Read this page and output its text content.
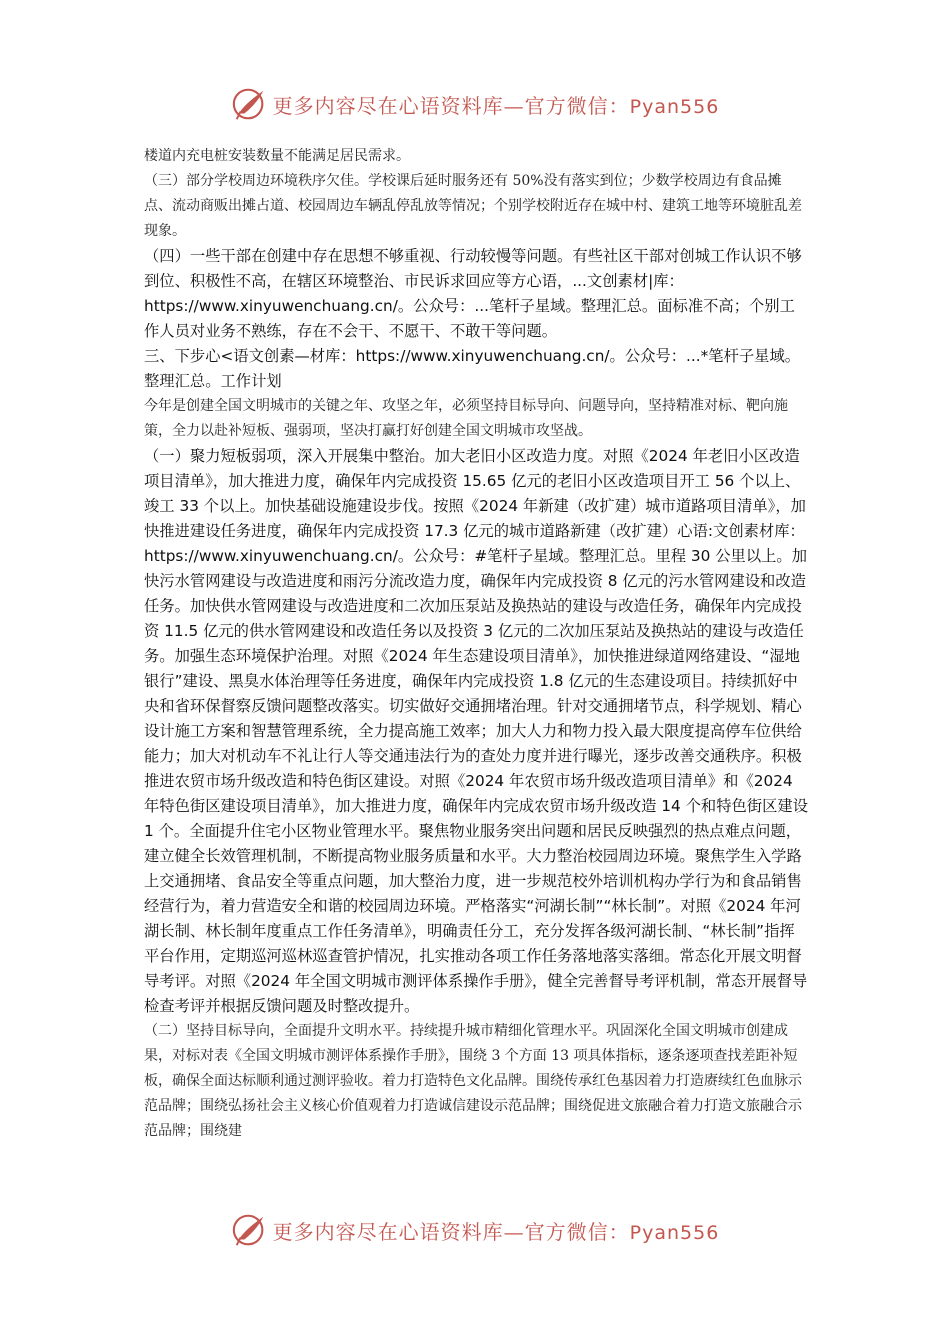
更多内容尽在心语资料库—官方微信：Pyan556

楼道内充电桩安装数量不能满足居民需求。

（三）部分学校周边环境秩序欠佳。学校课后延时服务还有 50%没有落实到位；少数学校周边有食品摊点、流动商贩出摊占道、校园周边车辆乱停乱放等情况；个别学校附近存在城中村、建筑工地等环境脏乱差现象。

（四）一些干部在创建中存在思想不够重视、行动较慢等问题。有些社区干部对创城工作认识不够到位、积极性不高，在辖区环境整治、市民诉求回应等方心语，...文创素材|库：https://www.xinyuwenchuang.cn/。公众号：...笔杆子星域。整理汇总。面标准不高；个别工作人员对业务不熟练，存在不会干、不愿干、不敢干等问题。

三、下步心<语文创素—材库：https://www.xinyuwenchuang.cn/。公众号：...*笔杆子星域。整理汇总。工作计划

今年是创建全国文明城市的关键之年、攻坚之年，必须坚持目标导向、问题导向，坚持精准对标、靶向施策，全力以赴补短板、强弱项，坚决打赢打好创建全国文明城市攻坚战。

（一）聚力短板弱项，深入开展集中整治。加大老旧小区改造力度。对照《2024 年老旧小区改造项目清单》，加大推进力度，确保年内完成投资 15.65 亿元的老旧小区改造项目开工 56 个以上、竣工 33 个以上。加快基础设施建设步伐。按照《2024 年新建（改扩建）城市道路项目清单》，加快推进建设任务进度，确保年内完成投资 17.3 亿元的城市道路新建（改扩建）心语:文创素材库：https://www.xinyuwenchuang.cn/。公众号：#笔杆子星域。整理汇总。里程 30 公里以上。加快污水管网建设与改造进度和雨污分流改造力度，确保年内完成投资 8 亿元的污水管网建设和改造任务。加快供水管网建设与改造进度和二次加压泵站及换热站的建设与改造任务，确保年内完成投资 11.5 亿元的供水管网建设和改造任务以及投资 3 亿元的二次加压泵站及换热站的建设与改造任务。加强生态环境保护治理。对照《2024 年生态建设项目清单》，加快推进绿道网络建设、“湿地银行”建设、黑臭水体治理等任务进度，确保年内完成投资 1.8 亿元的生态建设项目。持续抓好中央和省环保督察反馈问题整改落实。切实做好交通拥堵治理。针对交通拥堵节点，科学规划、精心设计施工方案和智慧管理系统，全力提高施工效率；加大人力和物力投入最大限度提高停车位供给能力；加大对机动车不礼让行人等交通违法行为的查处力度并进行曝光，逐步改善交通秩序。积极推进农贸市场升级改造和特色街区建设。对照《2024 年农贸市场升级改造项目清单》和《2024 年特色街区建设项目清单》，加大推进力度，确保年内完成农贸市场升级改造 14 个和特色街区建设 1 个。全面提升住宅小区物业管理水平。聚焦物业服务突出问题和居民反映强烈的热点难点问题，建立健全长效管理机制，不断提高物业服务质量和水平。大力整治校园周边环境。聚焦学生入学路上交通拥堵、食品安全等重点问题，加大整治力度，进一步规范校外培训机构办学行为和食品销售经营行为，着力营造安全和谐的校园周边环境。严格落实“河湖长制”“林长制”。对照《2024 年河湖长制、林长制年度重点工作任务清单》，明确责任分工，充分发挥各级河湖长制、“林长制”指挥平台作用，定期巡河巡林巡查管护情况，扎实推动各项工作任务落地落实落细。常态化开展文明督导考评。对照《2024 年全国文明城市测评体系操作手册》，健全完善督导考评机制，常态开展督导检查考评并根据反馈问题及时整改提升。

（二）坚持目标导向，全面提升文明水平。持续提升城市精细化管理水平。巩固深化全国文明城市创建成果，对标对表《全国文明城市测评体系操作手册》，围绕 3 个方面 13 项具体指标，逐条逐项查找差距补短板，确保全面达标顺利通过测评验收。着力打造特色文化品牌。围绕传承红色基因着力打造赓续红色血脉示范品牌；围绕弘扬社会主义核心价值观着力打造诚信建设示范品牌；围绕促进文旅融合着力打造文旅融合示范品牌；围绕建

更多内容尽在心语资料库—官方微信：Pyan556
